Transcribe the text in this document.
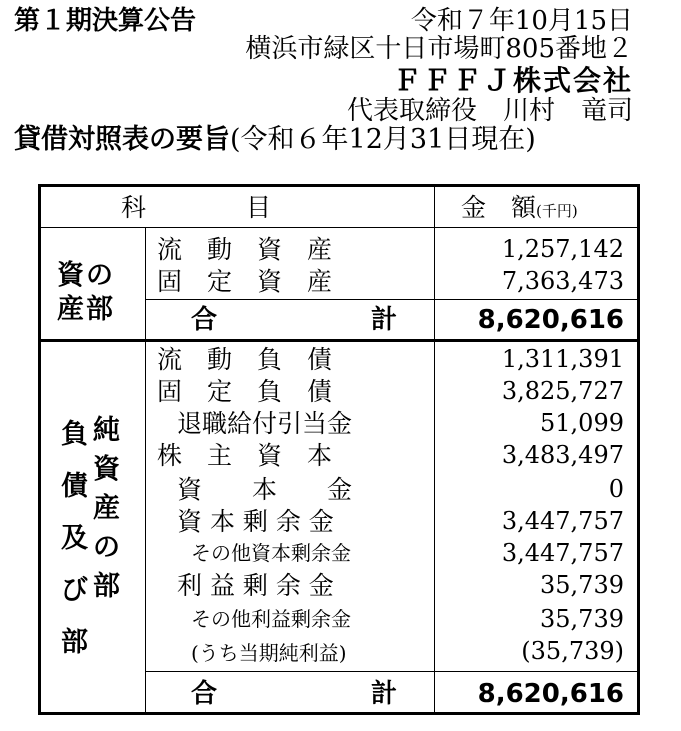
第１期決算公告	令和７年10月15日
横浜市緑区十日市場町805番地２
ＦＦＦＪ株式会社
代表取締役　川村　竜司
貸借対照表の要旨(令和６年12月31日現在)
科　　　　目	金　額(千円)
資の産部
流　動　資　産	1,257,142
固　定　資　産	7,363,473
合	計	8,620,616
負債及び部
純資産の部
流　動　負　債	1,311,391
固　定　負　債	3,825,727
退職給付引当金	51,099
株　主　資　本	3,483,497
資　　本　　金	0
資 本 剰 余 金	3,447,757
その他資本剰余金	3,447,757
利 益 剰 余 金	35,739
その他利益剰余金	35,739
(うち当期純利益)	(35,739)
合	計	8,620,616
